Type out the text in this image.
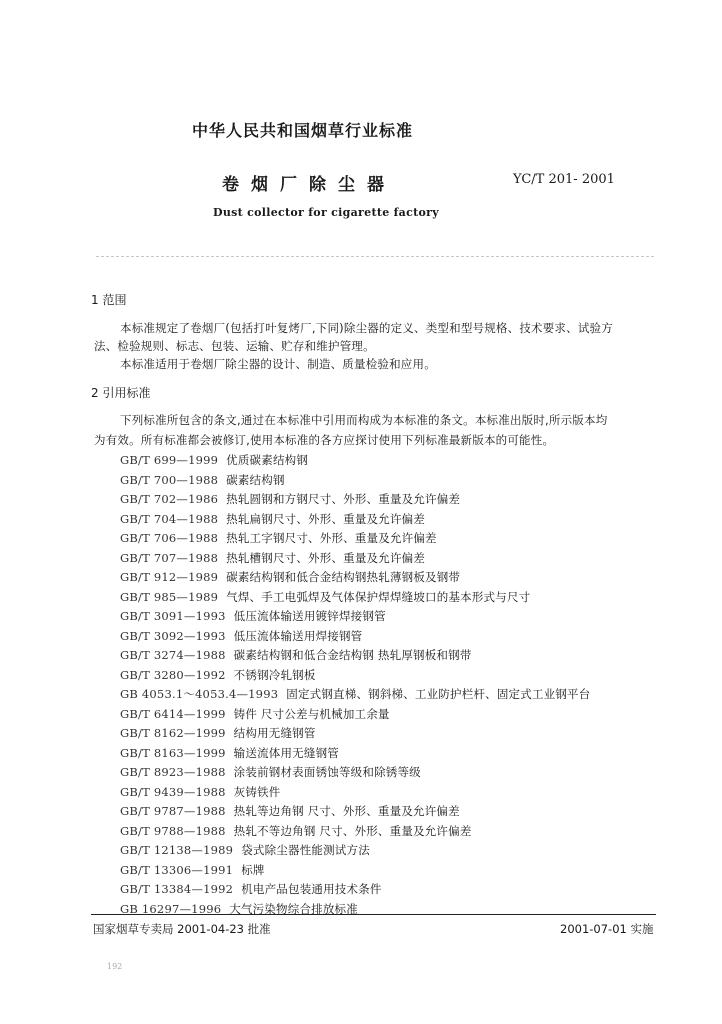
中华人民共和国烟草行业标准
卷烟厂除尘器	YC/T 201- 2001
Dust collector for cigarette factory
1 范围
本标准规定了卷烟厂(包括打叶复烤厂,下同)除尘器的定义、类型和型号规格、技术要求、试验方
法、检验规则、标志、包装、运输、贮存和维护管理。
本标准适用于卷烟厂除尘器的设计、制造、质量检验和应用。
2 引用标准
下列标准所包含的条文,通过在本标准中引用而构成为本标准的条文。本标准出版时,所示版本均
为有效。所有标准都会被修订,使用本标准的各方应探讨使用下列标准最新版本的可能性。
GB/T 699—1999 优质碳素结构钢
GB/T 700—1988 碳素结构钢
GB/T 702—1986 热轧圆钢和方钢尺寸、外形、重量及允许偏差
GB/T 704—1988 热轧扁钢尺寸、外形、重量及允许偏差
GB/T 706—1988 热轧工字钢尺寸、外形、重量及允许偏差
GB/T 707—1988 热轧槽钢尺寸、外形、重量及允许偏差
GB/T 912—1989 碳素结构钢和低合金结构钢热轧薄钢板及钢带
GB/T 985—1989 气焊、手工电弧焊及气体保护焊焊缝坡口的基本形式与尺寸
GB/T 3091—1993 低压流体输送用镀锌焊接钢管
GB/T 3092—1993 低压流体输送用焊接钢管
GB/T 3274—1988 碳素结构钢和低合金结构钢 热轧厚钢板和钢带
GB/T 3280—1992 不锈钢冷轧钢板
GB 4053.1～4053.4—1993 固定式钢直梯、钢斜梯、工业防护栏杆、固定式工业钢平台
GB/T 6414—1999 铸件 尺寸公差与机械加工余量
GB/T 8162—1999 结构用无缝钢管
GB/T 8163—1999 输送流体用无缝钢管
GB/T 8923—1988 涂装前钢材表面锈蚀等级和除锈等级
GB/T 9439—1988 灰铸铁件
GB/T 9787—1988 热轧等边角钢 尺寸、外形、重量及允许偏差
GB/T 9788—1988 热轧不等边角钢 尺寸、外形、重量及允许偏差
GB/T 12138—1989 袋式除尘器性能测试方法
GB/T 13306—1991 标牌
GB/T 13384—1992 机电产品包装通用技术条件
GB 16297—1996 大气污染物综合排放标准
国家烟草专卖局 2001-04-23 批准	2001-07-01 实施
192
